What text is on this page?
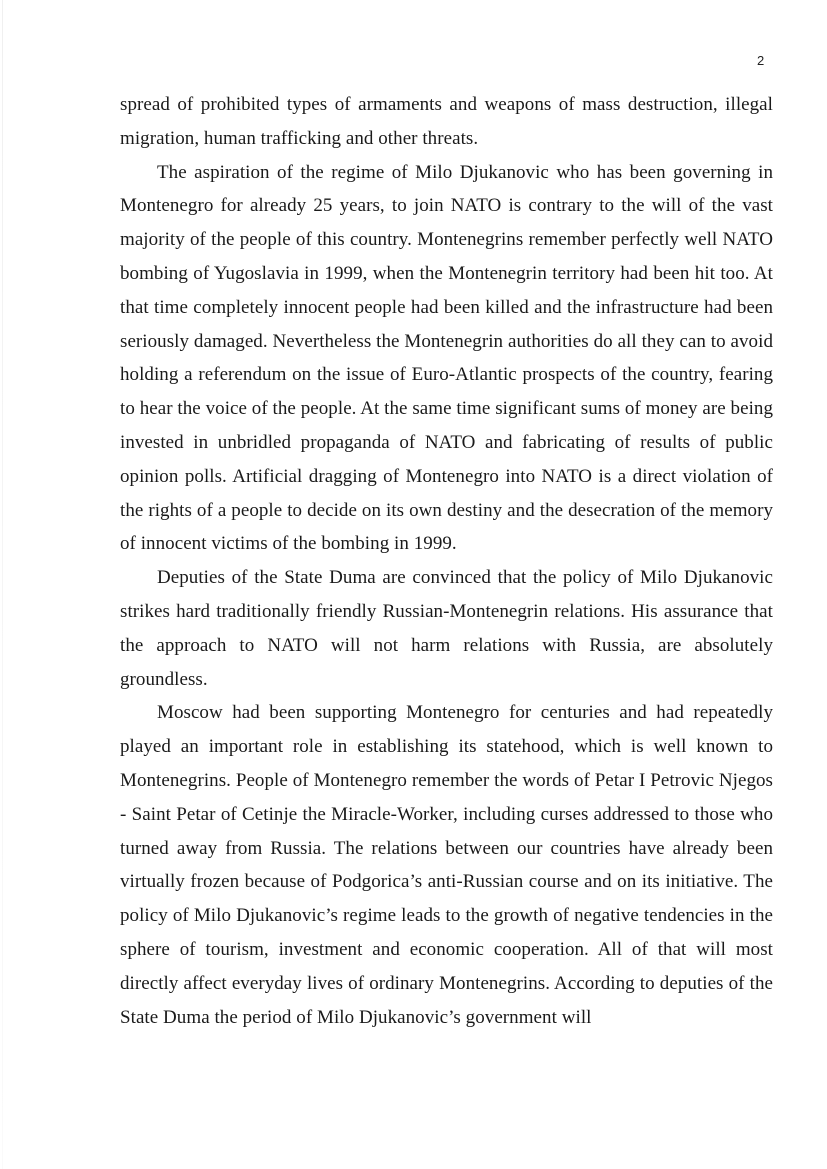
2

spread of prohibited types of armaments and weapons of mass destruction, illegal migration, human trafficking and other threats.

The aspiration of the regime of Milo Djukanovic who has been governing in Montenegro for already 25 years, to join NATO is contrary to the will of the vast majority of the people of this country. Montenegrins remember perfectly well NATO bombing of Yugoslavia in 1999, when the Montenegrin territory had been hit too. At that time completely innocent people had been killed and the infrastructure had been seriously damaged. Nevertheless the Montenegrin authorities do all they can to avoid holding a referendum on the issue of Euro-Atlantic prospects of the country, fearing to hear the voice of the people. At the same time significant sums of money are being invested in unbridled propaganda of NATO and fabricating of results of public opinion polls. Artificial dragging of Montenegro into NATO is a direct violation of the rights of a people to decide on its own destiny and the desecration of the memory of innocent victims of the bombing in 1999.

Deputies of the State Duma are convinced that the policy of Milo Djukanovic strikes hard traditionally friendly Russian-Montenegrin relations. His assurance that the approach to NATO will not harm relations with Russia, are absolutely groundless.

Moscow had been supporting Montenegro for centuries and had repeatedly played an important role in establishing its statehood, which is well known to Montenegrins. People of Montenegro remember the words of Petar I Petrovic Njegos - Saint Petar of Cetinje the Miracle-Worker, including curses addressed to those who turned away from Russia. The relations between our countries have already been virtually frozen because of Podgorica’s anti-Russian course and on its initiative. The policy of Milo Djukanovic’s regime leads to the growth of negative tendencies in the sphere of tourism, investment and economic cooperation. All of that will most directly affect everyday lives of ordinary Montenegrins. According to deputies of the State Duma the period of Milo Djukanovic’s government will
